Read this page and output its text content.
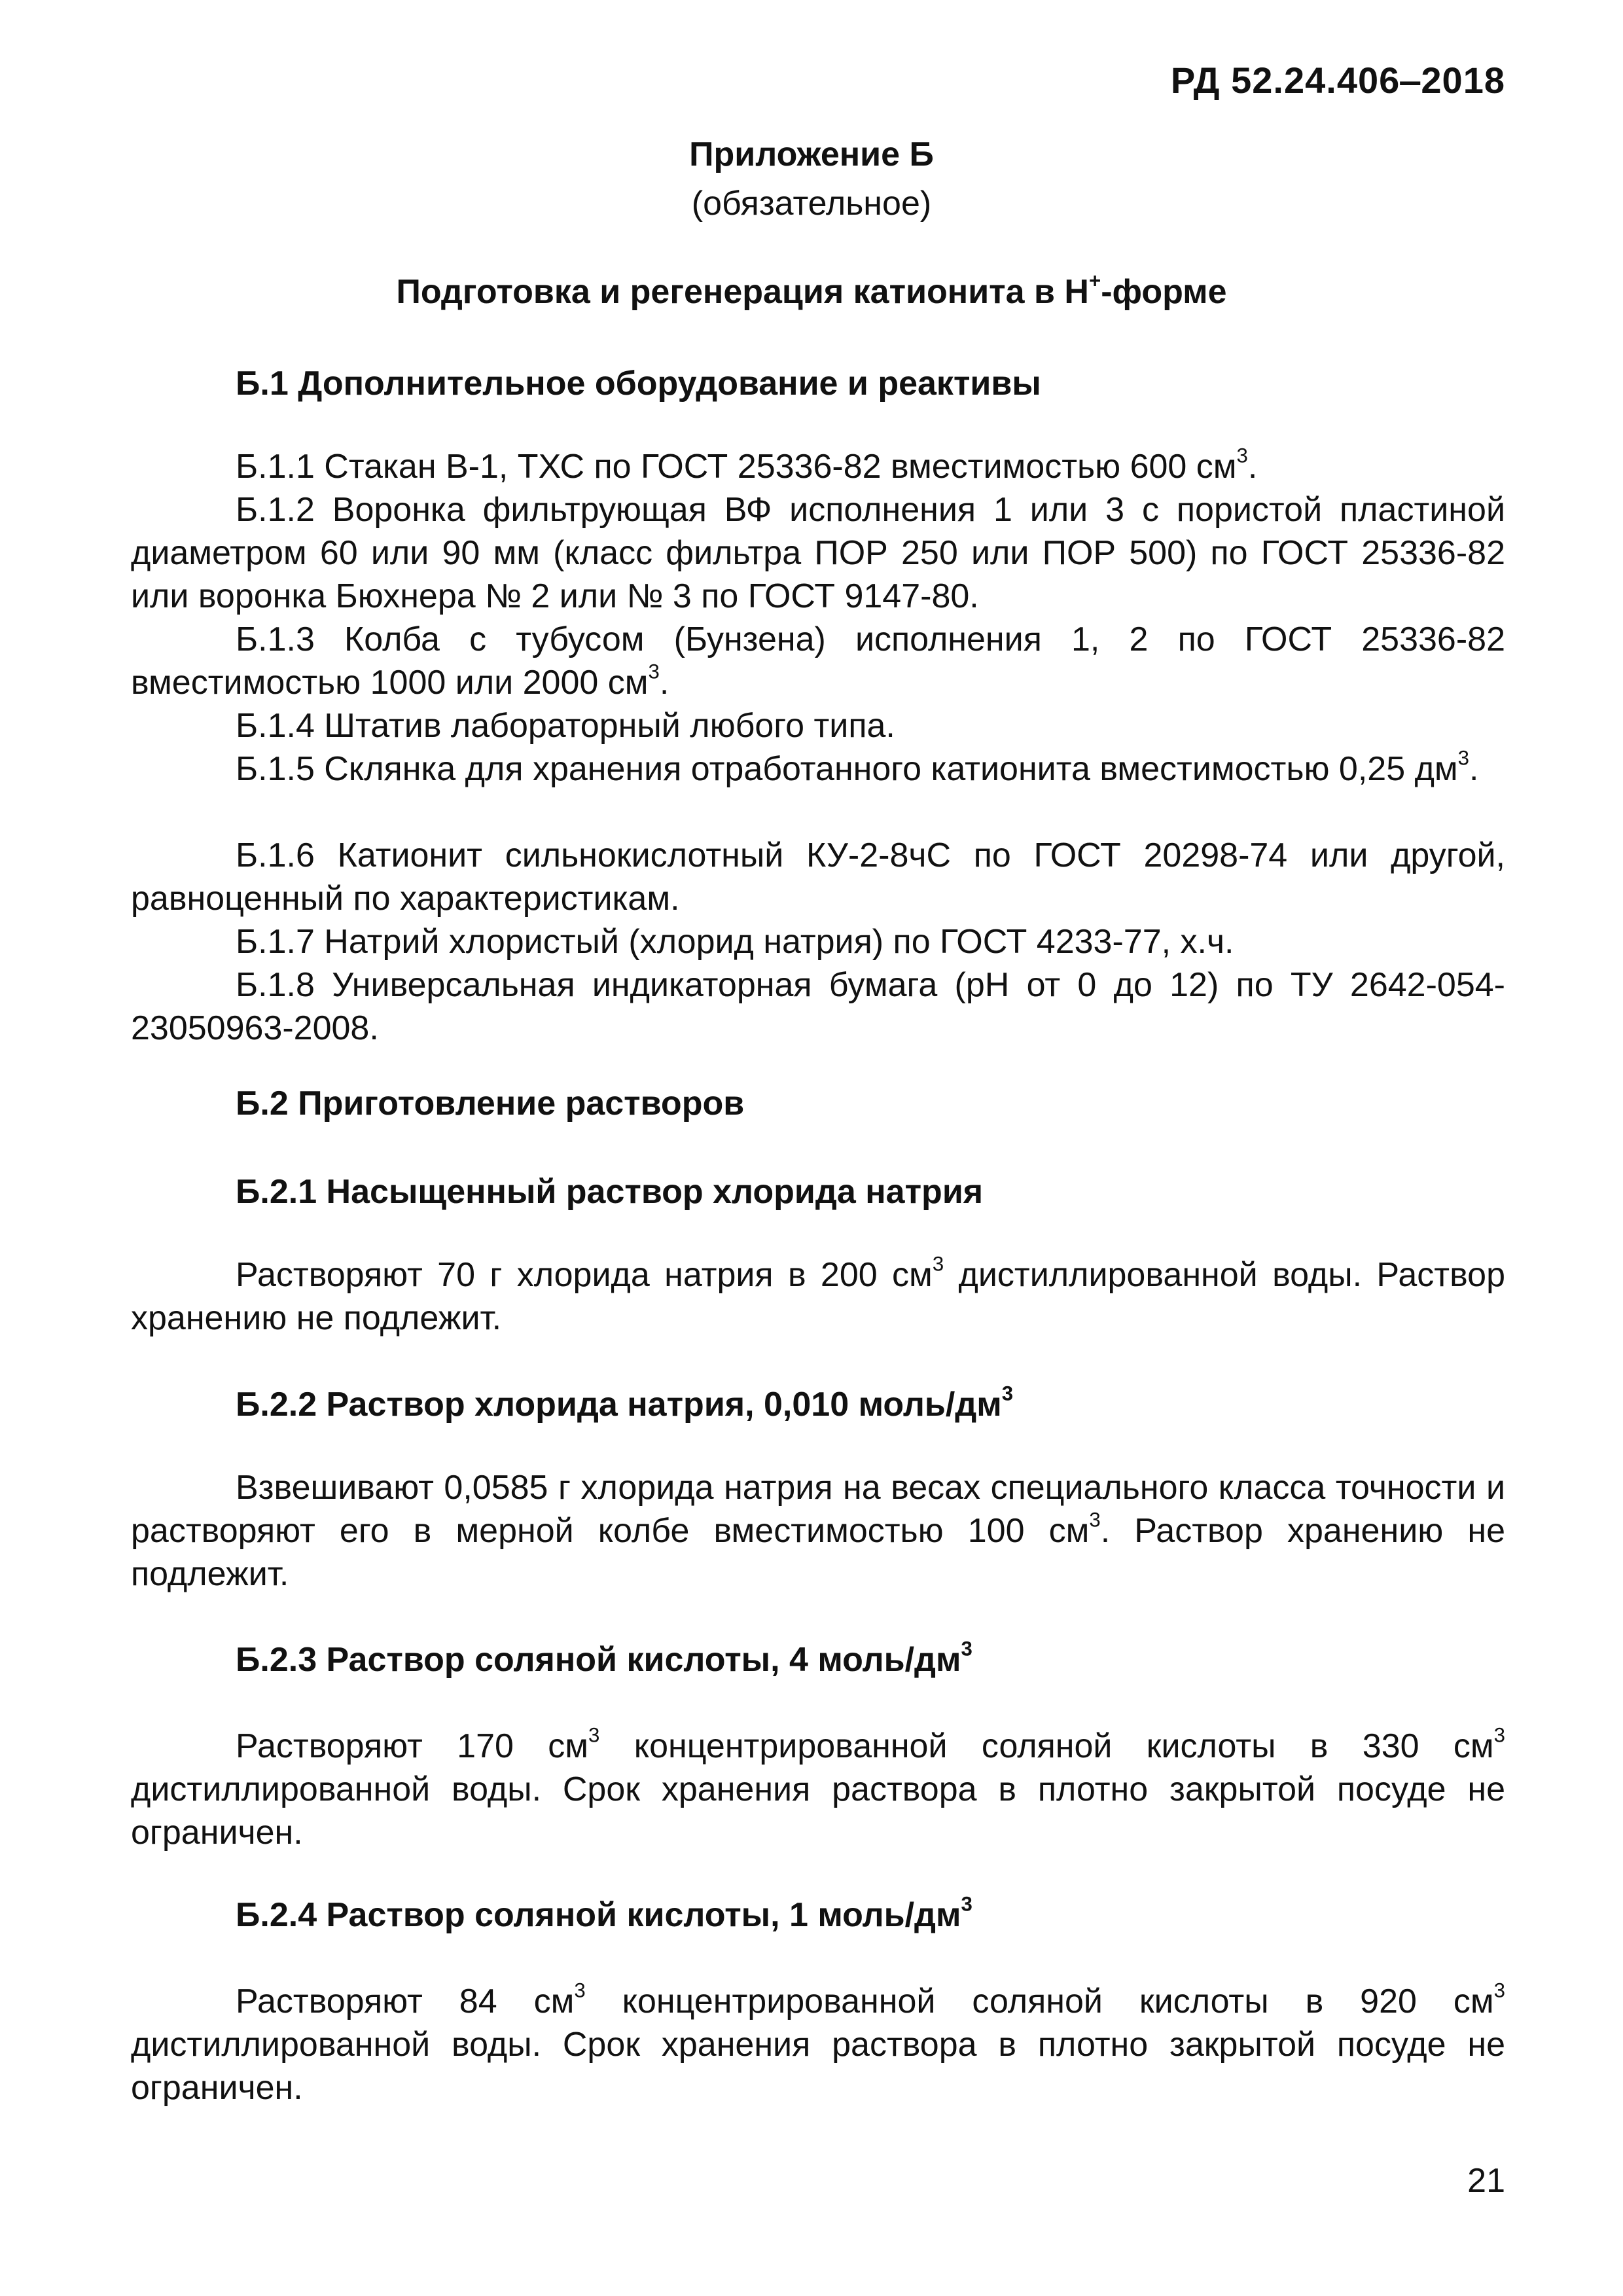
РД 52.24.406‒2018
Приложение Б
(обязательное)
Подготовка и регенерация катионита в Н+-форме
Б.1 Дополнительное оборудование и реактивы
Б.1.1 Стакан В-1, ТХС по ГОСТ 25336-82 вместимостью 600 $см^3$.
Б.1.2 Воронка фильтрующая ВФ исполнения 1 или 3 с пористой пластиной диаметром 60 или 90 мм (класс фильтра ПОР 250 или ПОР 500) по ГОСТ 25336-82 или воронка Бюхнера № 2 или № 3 по ГОСТ 9147-80.
Б.1.3 Колба с тубусом (Бунзена) исполнения 1, 2 по ГОСТ 25336-82 вместимостью 1000 или 2000 $см^3$.
Б.1.4 Штатив лабораторный любого типа.
Б.1.5 Склянка для хранения отработанного катионита вместимостью 0,25 $дм^3$.
Б.1.6 Катионит сильнокислотный КУ-2-8чС по ГОСТ 20298-74 или другой, равноценный по характеристикам.
Б.1.7 Натрий хлористый (хлорид натрия) по ГОСТ 4233-77, х.ч.
Б.1.8 Универсальная индикаторная бумага (рН от 0 до 12) по ТУ 2642-054-23050963-2008.
Б.2 Приготовление растворов
Б.2.1 Насыщенный раствор хлорида натрия
Растворяют 70 г хлорида натрия в 200 $см^3$ дистиллированной воды. Раствор хранению не подлежит.
Б.2.2 Раствор хлорида натрия, 0,010 моль/$дм^3$
Взвешивают 0,0585 г хлорида натрия на весах специального класса точности и растворяют его в мерной колбе вместимостью 100 $см^3$. Раствор хранению не подлежит.
Б.2.3 Раствор соляной кислоты, 4 моль/$дм^3$
Растворяют 170 $см^3$ концентрированной соляной кислоты в 330 $см^3$ дистиллированной воды. Срок хранения раствора в плотно закрытой посуде не ограничен.
Б.2.4 Раствор соляной кислоты, 1 моль/$дм^3$
Растворяют 84 $см^3$ концентрированной соляной кислоты в 920 $см^3$ дистиллированной воды. Срок хранения раствора в плотно закрытой посуде не ограничен.
21
